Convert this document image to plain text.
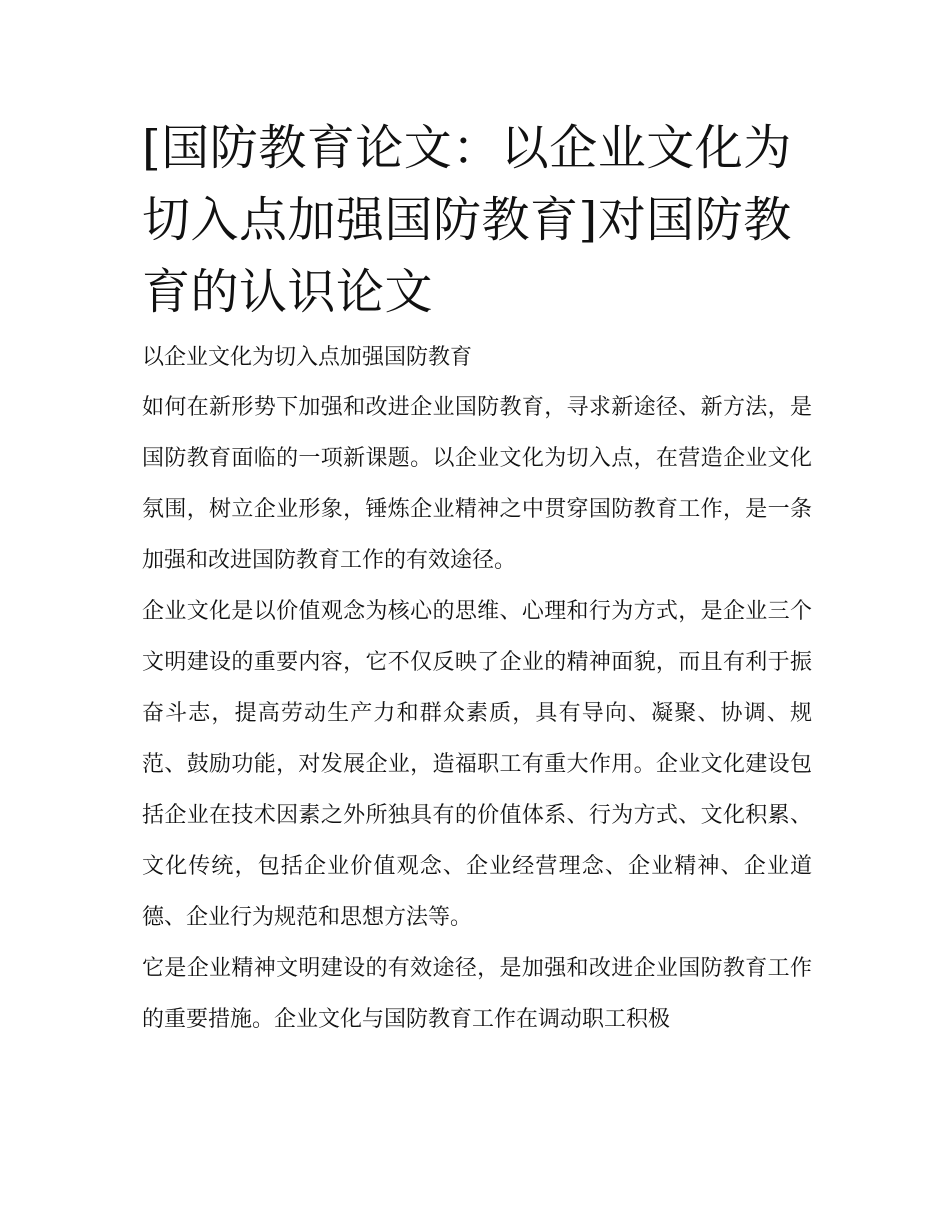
[国防教育论文：以企业文化为切入点加强国防教育]对国防教育的认识论文

以企业文化为切入点加强国防教育

如何在新形势下加强和改进企业国防教育，寻求新途径、新方法，是国防教育面临的一项新课题。以企业文化为切入点，在营造企业文化氛围，树立企业形象，锤炼企业精神之中贯穿国防教育工作，是一条加强和改进国防教育工作的有效途径。

企业文化是以价值观念为核心的思维、心理和行为方式，是企业三个文明建设的重要内容，它不仅反映了企业的精神面貌，而且有利于振奋斗志，提高劳动生产力和群众素质，具有导向、凝聚、协调、规范、鼓励功能，对发展企业，造福职工有重大作用。企业文化建设包括企业在技术因素之外所独具有的价值体系、行为方式、文化积累、文化传统，包括企业价值观念、企业经营理念、企业精神、企业道德、企业行为规范和思想方法等。

它是企业精神文明建设的有效途径，是加强和改进企业国防教育工作的重要措施。企业文化与国防教育工作在调动职工积极
